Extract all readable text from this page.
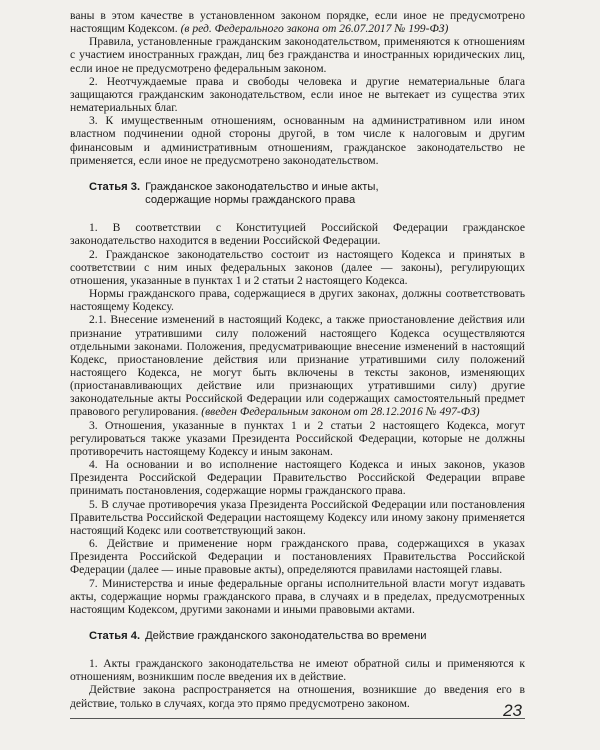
ваны в этом качестве в установленном законом порядке, если иное не предусмотрено настоящим Кодексом. (в ред. Федерального закона от 26.07.2017 № 199-ФЗ)

Правила, установленные гражданским законодательством, применяются к отношениям с участием иностранных граждан, лиц без гражданства и иностранных юридических лиц, если иное не предусмотрено федеральным законом.

2. Неотчуждаемые права и свободы человека и другие нематериальные блага защищаются гражданским законодательством, если иное не вытекает из существа этих нематериальных благ.

3. К имущественным отношениям, основанным на административном или ином властном подчинении одной стороны другой, в том числе к налоговым и другим финансовым и административным отношениям, гражданское законодательство не применяется, если иное не предусмотрено законодательством.

Статья 3. Гражданское законодательство и иные акты,
содержащие нормы гражданского права

1. В соответствии с Конституцией Российской Федерации гражданское законодательство находится в ведении Российской Федерации.

2. Гражданское законодательство состоит из настоящего Кодекса и принятых в соответствии с ним иных федеральных законов (далее — законы), регулирующих отношения, указанные в пунктах 1 и 2 статьи 2 настоящего Кодекса.

Нормы гражданского права, содержащиеся в других законах, должны соответствовать настоящему Кодексу.

2.1. Внесение изменений в настоящий Кодекс, а также приостановление действия или признание утратившими силу положений настоящего Кодекса осуществляются отдельными законами. Положения, предусматривающие внесение изменений в настоящий Кодекс, приостановление действия или признание утратившими силу положений настоящего Кодекса, не могут быть включены в тексты законов, изменяющих (приостанавливающих действие или признающих утратившими силу) другие законодательные акты Российской Федерации или содержащих самостоятельный предмет правового регулирования. (введен Федеральным законом от 28.12.2016 № 497-ФЗ)

3. Отношения, указанные в пунктах 1 и 2 статьи 2 настоящего Кодекса, могут регулироваться также указами Президента Российской Федерации, которые не должны противоречить настоящему Кодексу и иным законам.

4. На основании и во исполнение настоящего Кодекса и иных законов, указов Президента Российской Федерации Правительство Российской Федерации вправе принимать постановления, содержащие нормы гражданского права.

5. В случае противоречия указа Президента Российской Федерации или постановления Правительства Российской Федерации настоящему Кодексу или иному закону применяется настоящий Кодекс или соответствующий закон.

6. Действие и применение норм гражданского права, содержащихся в указах Президента Российской Федерации и постановлениях Правительства Российской Федерации (далее — иные правовые акты), определяются правилами настоящей главы.

7. Министерства и иные федеральные органы исполнительной власти могут издавать акты, содержащие нормы гражданского права, в случаях и в пределах, предусмотренных настоящим Кодексом, другими законами и иными правовыми актами.

Статья 4. Действие гражданского законодательства во времени

1. Акты гражданского законодательства не имеют обратной силы и применяются к отношениям, возникшим после введения их в действие.

Действие закона распространяется на отношения, возникшие до введения его в действие, только в случаях, когда это прямо предусмотрено законом.	23
